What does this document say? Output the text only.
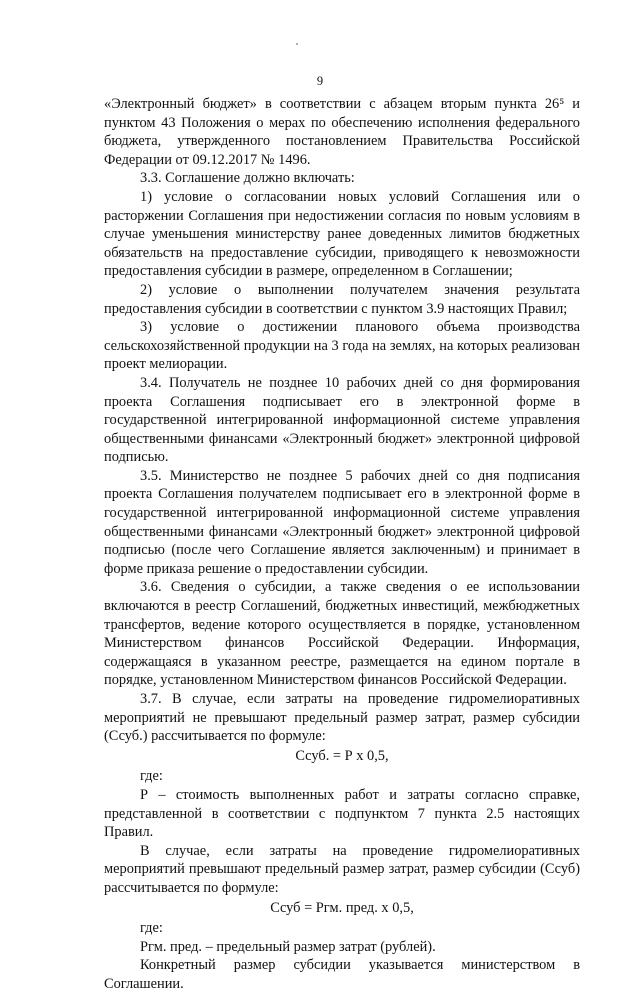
9

«Электронный бюджет» в соответствии с абзацем вторым пункта 26⁵ и пунктом 43 Положения о мерах по обеспечению исполнения федерального бюджета, утвержденного постановлением Правительства Российской Федерации от 09.12.2017 № 1496.

3.3. Соглашение должно включать:

1) условие о согласовании новых условий Соглашения или о расторжении Соглашения при недостижении согласия по новым условиям в случае уменьшения министерству ранее доведенных лимитов бюджетных обязательств на предоставление субсидии, приводящего к невозможности предоставления субсидии в размере, определенном в Соглашении;

2) условие о выполнении получателем значения результата предоставления субсидии в соответствии с пунктом 3.9 настоящих Правил;

3) условие о достижении планового объема производства сельскохозяйственной продукции на 3 года на землях, на которых реализован проект мелиорации.

3.4. Получатель не позднее 10 рабочих дней со дня формирования проекта Соглашения подписывает его в электронной форме в государственной интегрированной информационной системе управления общественными финансами «Электронный бюджет» электронной цифровой подписью.

3.5. Министерство не позднее 5 рабочих дней со дня подписания проекта Соглашения получателем подписывает его в электронной форме в государственной интегрированной информационной системе управления общественными финансами «Электронный бюджет» электронной цифровой подписью (после чего Соглашение является заключенным) и принимает в форме приказа решение о предоставлении субсидии.

3.6. Сведения о субсидии, а также сведения о ее использовании включаются в реестр Соглашений, бюджетных инвестиций, межбюджетных трансфертов, ведение которого осуществляется в порядке, установленном Министерством финансов Российской Федерации. Информация, содержащаяся в указанном реестре, размещается на едином портале в порядке, установленном Министерством финансов Российской Федерации.

3.7. В случае, если затраты на проведение гидромелиоративных мероприятий не превышают предельный размер затрат, размер субсидии (Ссуб.) рассчитывается по формуле:

Ссуб. = Р х 0,5,

где:

Р – стоимость выполненных работ и затраты согласно справке, представленной в соответствии с подпунктом 7 пункта 2.5 настоящих Правил.

В случае, если затраты на проведение гидромелиоративных мероприятий превышают предельный размер затрат, размер субсидии (Ссуб) рассчитывается по формуле:

Ссуб = Ргм. пред. х 0,5,

где:

Ргм. пред. – предельный размер затрат (рублей).

Конкретный размер субсидии указывается министерством в Соглашении.
